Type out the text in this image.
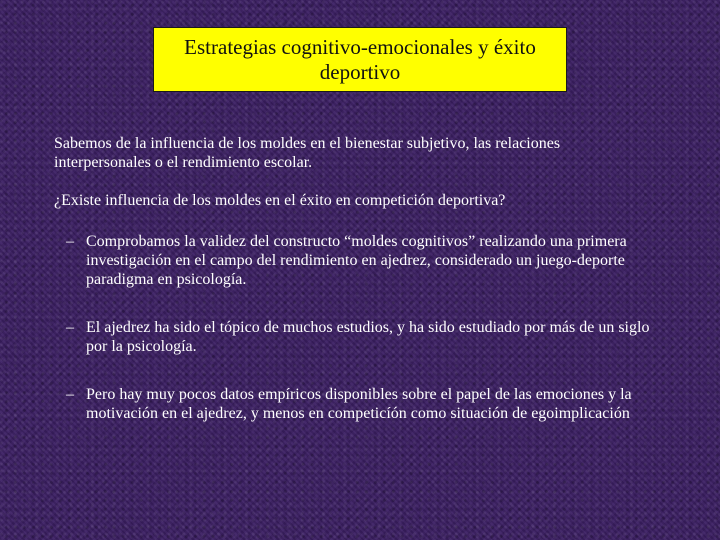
Estrategias cognitivo-emocionales y éxito deportivo

Sabemos de la influencia de los moldes en el bienestar subjetivo, las relaciones interpersonales o el rendimiento escolar.

¿Existe influencia de los moldes en el éxito en competición deportiva?

– Comprobamos la validez del constructo “moldes cognitivos” realizando una primera investigación en el campo del rendimiento en ajedrez, considerado un juego-deporte paradigma en psicología.
– El ajedrez ha sido el tópico de muchos estudios, y ha sido estudiado por más de un siglo por la psicología.
– Pero hay muy pocos datos empíricos disponibles sobre el papel de las emociones y la motivación en el ajedrez, y menos en competicíón como situación de egoimplicación
